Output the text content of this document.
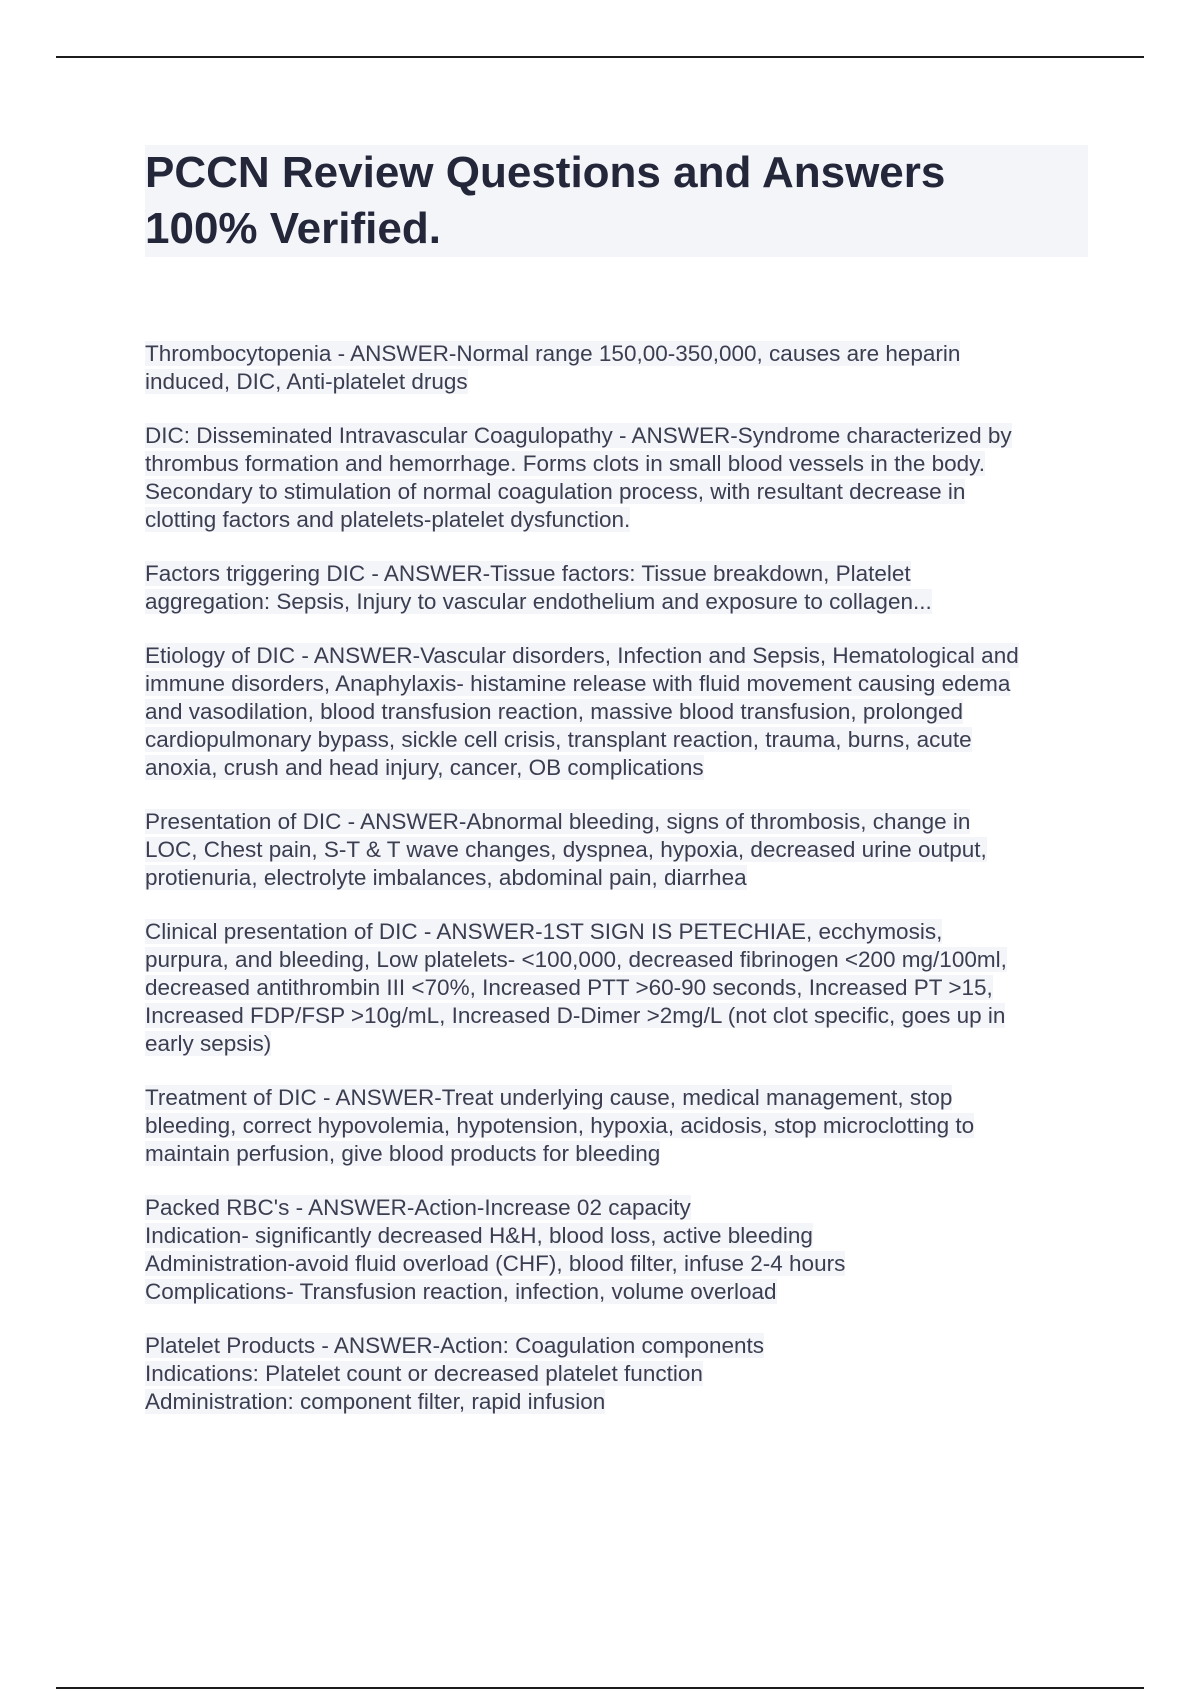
PCCN Review Questions and Answers
100% Verified.

Thrombocytopenia - ANSWER-Normal range 150,00-350,000, causes are heparin
induced, DIC, Anti-platelet drugs

DIC: Disseminated Intravascular Coagulopathy - ANSWER-Syndrome characterized by
thrombus formation and hemorrhage. Forms clots in small blood vessels in the body.
Secondary to stimulation of normal coagulation process, with resultant decrease in
clotting factors and platelets-platelet dysfunction.

Factors triggering DIC - ANSWER-Tissue factors: Tissue breakdown, Platelet
aggregation: Sepsis, Injury to vascular endothelium and exposure to collagen...

Etiology of DIC - ANSWER-Vascular disorders, Infection and Sepsis, Hematological and
immune disorders, Anaphylaxis- histamine release with fluid movement causing edema
and vasodilation, blood transfusion reaction, massive blood transfusion, prolonged
cardiopulmonary bypass, sickle cell crisis, transplant reaction, trauma, burns, acute
anoxia, crush and head injury, cancer, OB complications

Presentation of DIC - ANSWER-Abnormal bleeding, signs of thrombosis, change in
LOC, Chest pain, S-T & T wave changes, dyspnea, hypoxia, decreased urine output,
protienuria, electrolyte imbalances, abdominal pain, diarrhea

Clinical presentation of DIC - ANSWER-1ST SIGN IS PETECHIAE, ecchymosis,
purpura, and bleeding, Low platelets- <100,000, decreased fibrinogen <200 mg/100ml,
decreased antithrombin III <70%, Increased PTT >60-90 seconds, Increased PT >15,
Increased FDP/FSP >10g/mL, Increased D-Dimer >2mg/L (not clot specific, goes up in
early sepsis)

Treatment of DIC - ANSWER-Treat underlying cause, medical management, stop
bleeding, correct hypovolemia, hypotension, hypoxia, acidosis, stop microclotting to
maintain perfusion, give blood products for bleeding

Packed RBC's - ANSWER-Action-Increase 02 capacity
Indication- significantly decreased H&H, blood loss, active bleeding
Administration-avoid fluid overload (CHF), blood filter, infuse 2-4 hours
Complications- Transfusion reaction, infection, volume overload

Platelet Products - ANSWER-Action: Coagulation components
Indications: Platelet count or decreased platelet function
Administration: component filter, rapid infusion
